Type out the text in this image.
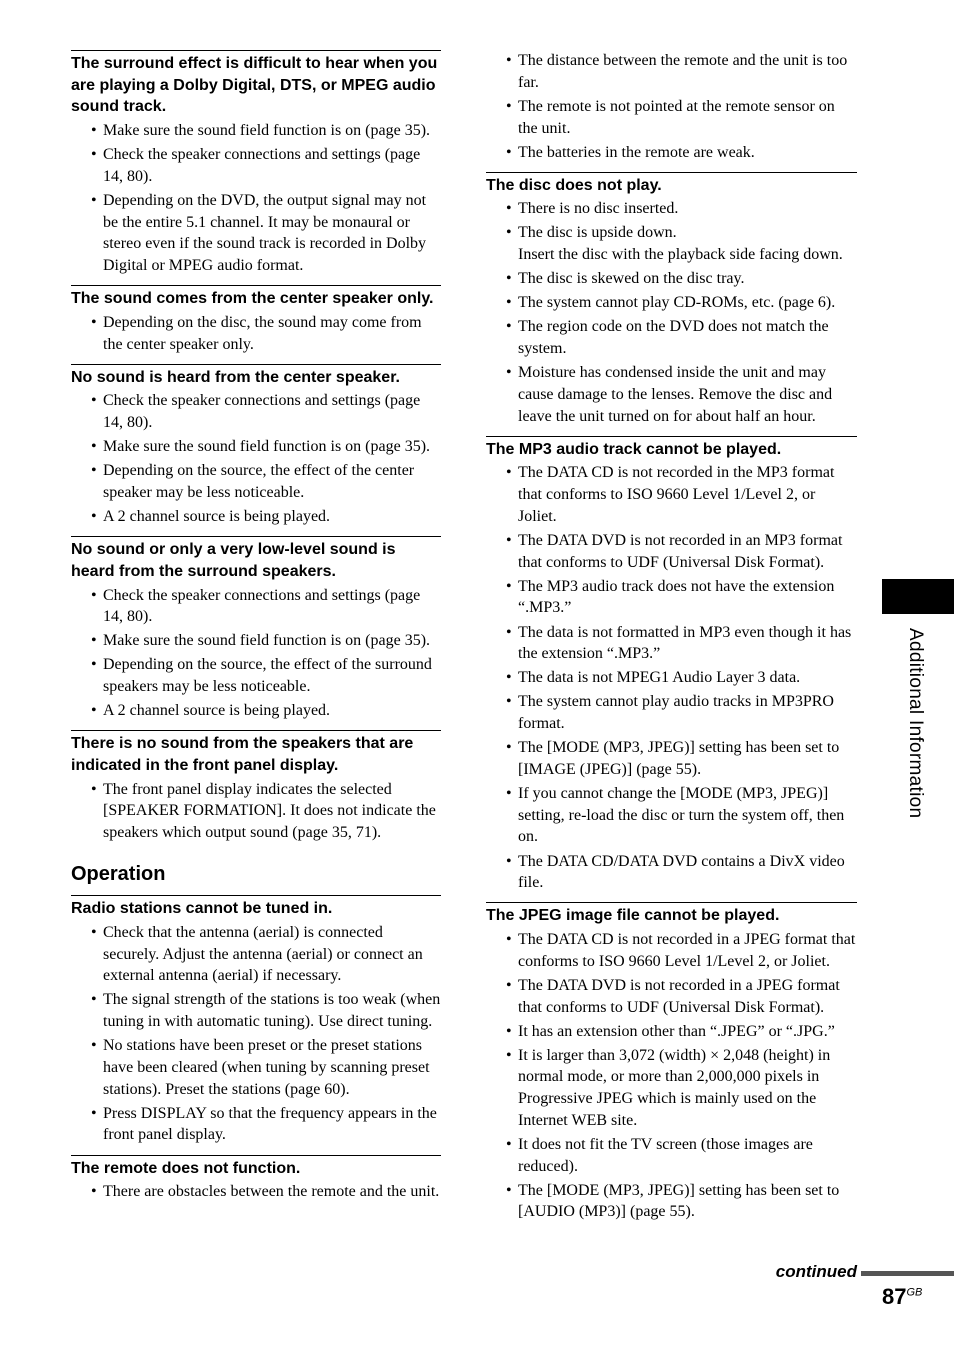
The surround effect is difficult to hear when you are playing a Dolby Digital, DTS, or MPEG audio sound track.
• Make sure the sound field function is on (page 35).
• Check the speaker connections and settings (page 14, 80).
• Depending on the DVD, the output signal may not be the entire 5.1 channel. It may be monaural or stereo even if the sound track is recorded in Dolby Digital or MPEG audio format.
The sound comes from the center speaker only.
• Depending on the disc, the sound may come from the center speaker only.
No sound is heard from the center speaker.
• Check the speaker connections and settings (page 14, 80).
• Make sure the sound field function is on (page 35).
• Depending on the source, the effect of the center speaker may be less noticeable.
• A 2 channel source is being played.
No sound or only a very low-level sound is heard from the surround speakers.
• Check the speaker connections and settings (page 14, 80).
• Make sure the sound field function is on (page 35).
• Depending on the source, the effect of the surround speakers may be less noticeable.
• A 2 channel source is being played.
There is no sound from the speakers that are indicated in the front panel display.
• The front panel display indicates the selected [SPEAKER FORMATION]. It does not indicate the speakers which output sound (page 35, 71).
Operation
Radio stations cannot be tuned in.
• Check that the antenna (aerial) is connected securely. Adjust the antenna (aerial) or connect an external antenna (aerial) if necessary.
• The signal strength of the stations is too weak (when tuning in with automatic tuning). Use direct tuning.
• No stations have been preset or the preset stations have been cleared (when tuning by scanning preset stations). Preset the stations (page 60).
• Press DISPLAY so that the frequency appears in the front panel display.
The remote does not function.
• There are obstacles between the remote and the unit.
• The distance between the remote and the unit is too far.
• The remote is not pointed at the remote sensor on the unit.
• The batteries in the remote are weak.
The disc does not play.
• There is no disc inserted.
• The disc is upside down.
Insert the disc with the playback side facing down.
• The disc is skewed on the disc tray.
• The system cannot play CD-ROMs, etc. (page 6).
• The region code on the DVD does not match the system.
• Moisture has condensed inside the unit and may cause damage to the lenses. Remove the disc and leave the unit turned on for about half an hour.
The MP3 audio track cannot be played.
• The DATA CD is not recorded in the MP3 format that conforms to ISO 9660 Level 1/Level 2, or Joliet.
• The DATA DVD is not recorded in an MP3 format that conforms to UDF (Universal Disk Format).
• The MP3 audio track does not have the extension “.MP3.”
• The data is not formatted in MP3 even though it has the extension “.MP3.”
• The data is not MPEG1 Audio Layer 3 data.
• The system cannot play audio tracks in MP3PRO format.
• The [MODE (MP3, JPEG)] setting has been set to [IMAGE (JPEG)] (page 55).
• If you cannot change the [MODE (MP3, JPEG)] setting, re-load the disc or turn the system off, then on.
• The DATA CD/DATA DVD contains a DivX video file.
The JPEG image file cannot be played.
• The DATA CD is not recorded in a JPEG format that conforms to ISO 9660 Level 1/Level 2, or Joliet.
• The DATA DVD is not recorded in a JPEG format that conforms to UDF (Universal Disk Format).
• It has an extension other than “.JPEG” or “.JPG.”
• It is larger than 3,072 (width) × 2,048 (height) in normal mode, or more than 2,000,000 pixels in Progressive JPEG which is mainly used on the Internet WEB site.
• It does not fit the TV screen (those images are reduced).
• The [MODE (MP3, JPEG)] setting has been set to [AUDIO (MP3)] (page 55).
Additional Information
continued
$87^{GB}$
